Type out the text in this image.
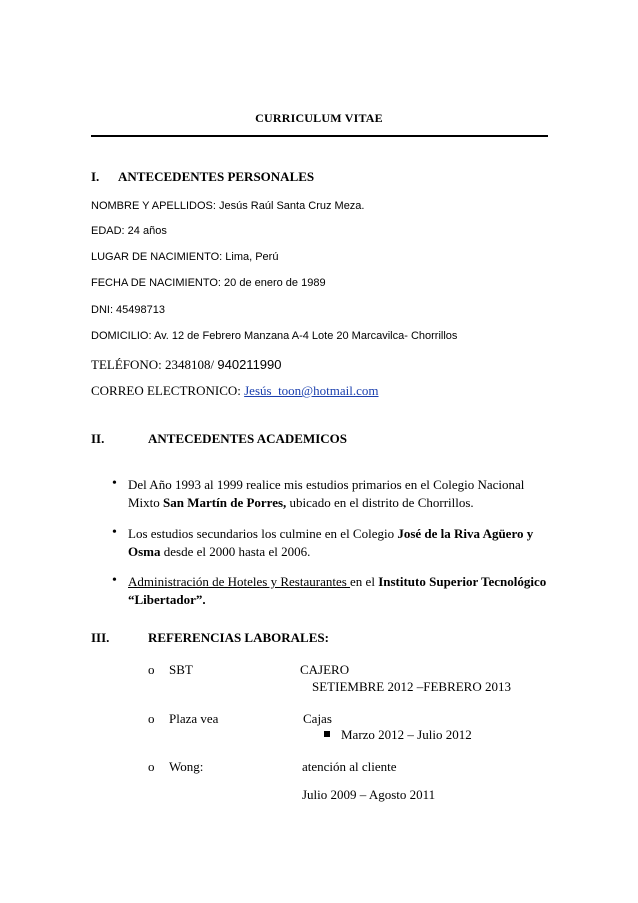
CURRICULUM VITAE
I. ANTECEDENTES PERSONALES
NOMBRE Y APELLIDOS: Jesús Raúl Santa Cruz Meza.
EDAD: 24 años
LUGAR DE NACIMIENTO: Lima, Perú
FECHA DE NACIMIENTO: 20 de enero de 1989
DNI: 45498713
DOMICILIO: Av. 12 de Febrero Manzana A-4 Lote 20 Marcavilca- Chorrillos
TELÉFONO: 2348108/ 940211990
CORREO ELECTRONICO: Jesús_toon@hotmail.com
II.	ANTECEDENTES ACADEMICOS
• Del Año 1993 al 1999 realice mis estudios primarios en el Colegio Nacional Mixto San Martín de Porres, ubicado en el distrito de Chorrillos.
• Los estudios secundarios los culmine en el Colegio José de la Riva Agüero y Osma desde el 2000 hasta el 2006.
• Administración de Hoteles y Restaurantes en el Instituto Superior Tecnológico “Libertador”.
III.	REFERENCIAS LABORALES:
o SBT	CAJERO
SETIEMBRE 2012 –FEBRERO 2013
o Plaza vea	Cajas
Marzo 2012 – Julio 2012
o Wong:	atención al cliente
Julio 2009 – Agosto 2011
